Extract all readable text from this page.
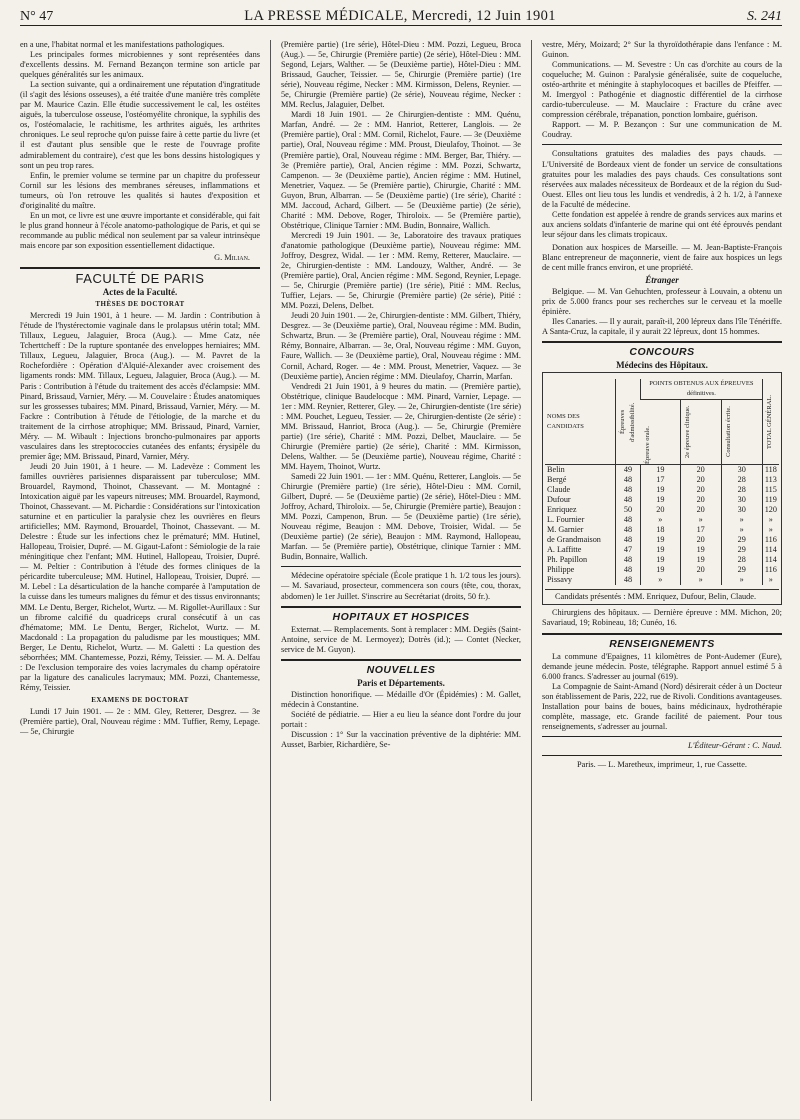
N° 47	LA PRESSE MÉDICALE, Mercredi, 12 Juin 1901	S. 241

en a une, l'habitat normal et les manifestations pathologiques.

Les principales formes microbiennes y sont représentées dans d'excellents dessins. M. Fernand Bezançon termine son article par quelques généralités sur les animaux.

La section suivante, qui a ordinairement une réputation d'ingratitude (il s'agit des lésions osseuses), a été traitée d'une manière très complète par M. Maurice Cazin. Elle étudie successivement le cal, les ostéites aiguës, la tuberculose osseuse, l'ostéomyélite chronique, la syphilis des os, l'ostéomalacie, le rachitisme, les arthrites aiguës, les arthrites chroniques. Le seul reproche qu'on puisse faire à cette partie du livre (et il est d'autant plus sensible que le reste de l'ouvrage profite admirablement du contraire), c'est que les bons dessins histologiques y sont un peu trop rares.

Enfin, le premier volume se termine par un chapitre du professeur Cornil sur les lésions des membranes séreuses, inflammations et tumeurs, où l'on retrouve les qualités si hautes d'exposition et d'originalité du maître.

En un mot, ce livre est une œuvre importante et considérable, qui fait le plus grand honneur à l'école anatomo-pathologique de Paris, et qui se recommande au public médical non seulement par sa valeur intrinsèque mais encore par son exposition essentiellement didactique.

G. Milian.

FACULTÉ DE PARIS
Actes de la Faculté.
THÈSES DE DOCTORAT

Mercredi 19 Juin 1901, à 1 heure. — M. Jardin : Contribution à l'étude de l'hystérectomie vaginale dans le prolapsus utérin total; MM. Tillaux, Legueu, Jalaguier, Broca (Aug.). — Mme Catz, née Tcherttcheff : De la rupture spontanée des enveloppes herniaires; MM. Tillaux, Legueu, Jalaguier, Broca (Aug.). — M. Pavret de la Rochefordière : Opération d'Alquié-Alexander avec croisement des ligaments ronds: MM. Tillaux, Legueu, Jalaguier, Broca (Aug.). — M. Paris : Contribution à l'étude du traitement des accès d'éclampsie: MM. Pinard, Brissaud, Varnier, Méry. — M. Couvelaire : Études anatomiques sur les grossesses tubaires; MM. Pinard, Brissaud, Varnier, Méry. — M. Fackre : Contribution à l'étude de l'étiologie, de la marche et du traitement de la cirrhose atrophique; MM. Brissaud, Pinard, Varnier, Méry. — M. Wibault : Injections broncho-pulmonaires par apports vasculaires dans les streptococcies cutanées des enfants; érysipèle du premier âge; MM. Brissaud, Pinard, Varnier, Méry.

Jeudi 20 Juin 1901, à 1 heure. — M. Ladevèze : Comment les familles ouvrières parisiennes disparaissent par tuberculose; MM. Brouardel, Raymond, Thoinot, Chassevant. — M. Montagné : Intoxication aiguë par les vapeurs nitreuses; MM. Brouardel, Raymond, Thoinot, Chassevant. — M. Pichardie : Considérations sur l'intoxication saturnine et en particulier la paralysie chez les ouvrières en fleurs artificielles; MM. Raymond, Brouardel, Thoinot, Chassevant. — M. Delestre : Étude sur les infections chez le prématuré; MM. Hutinel, Hallopeau, Troisier, Dupré. — M. Gigaut-Lafont : Sémiologie de la raie méningitique chez l'enfant; MM. Hutinel, Hallopeau, Troisier, Dupré. — M. Peltier : Contribution à l'étude des formes cliniques de la péricardite tuberculeuse; MM. Hutinel, Hallopeau, Troisier, Dupré. — M. Lebel : La désarticulation de la hanche comparée à l'amputation de la cuisse dans les tumeurs malignes du fémur et des tissus environnants; MM. Le Dentu, Berger, Richelot, Wurtz. — M. Rigollet-Aurillaux : Sur un fibrome calcifié du quadriceps crural consécutif à un cas d'hématome; MM. Le Dentu, Berger, Richelot, Wurtz. — M. Macdonald : La propagation du paludisme par les moustiques; MM. Berger, Le Dentu, Richelot, Wurtz. — M. Galetti : La question des séborrhées; MM. Chantemesse, Pozzi, Rémy, Teissier. — M. A. Delfau : De l'exclusion temporaire des voies lacrymales du champ opératoire par la ligature des canalicules lacrymaux; MM. Pozzi, Chantemesse, Rémy, Teissier.

EXAMENS DE DOCTORAT

Lundi 17 Juin 1901. — 2e : MM. Gley, Retterer, Desgrez. — 3e (Première partie), Oral, Nouveau régime : MM. Tuffier, Remy, Lepage. — 5e, Chirurgie

(Première partie) (1re série), Hôtel-Dieu : MM. Pozzi, Legueu, Broca (Aug.). — 5e, Chirurgie (Première partie) (2e série), Hôtel-Dieu : MM. Segond, Lejars, Walther. — 5e (Deuxième partie), Hôtel-Dieu : MM. Brissaud, Gaucher, Teissier. — 5e, Chirurgie (Première partie) (1re série), Nouveau régime, Necker : MM. Kirmisson, Delens, Reynier. — 5e, Chirurgie (Première partie) (2e série), Nouveau régime, Necker : MM. Reclus, Jalaguier, Delbet.

Mardi 18 Juin 1901. — 2e Chirurgien-dentiste : MM. Quénu, Marfan, André. — 2e : MM. Hanriot, Retterer, Langlois. — 2e (Première partie), Oral : MM. Cornil, Richelot, Faure. — 3e (Deuxième partie), Oral, Nouveau régime : MM. Proust, Dieulafoy, Thoinot. — 3e (Première partie), Oral, Nouveau régime : MM. Berger, Bar, Thiéry. — 3e (Première partie), Oral, Ancien régime : MM. Pozzi, Schwartz, Campenon. — 3e (Deuxième partie), Ancien régime : MM. Hutinel, Menetrier, Vaquez. — 5e (Première partie), Chirurgie, Charité : MM. Guyon, Brun, Albarran. — 5e (Deuxième partie) (1re série), Charité : MM. Jaccoud, Achard, Gilbert. — 5e (Deuxième partie) (2e série), Charité : MM. Debove, Roger, Thiroloix. — 5e (Première partie), Obstétrique, Clinique Tarnier : MM. Budin, Bonnaire, Wallich.

Mercredi 19 Juin 1901. — 3e, Laboratoire des travaux pratiques d'anatomie pathologique (Deuxième partie), Nouveau régime: MM. Joffroy, Desgrez, Widal. — 1er : MM. Remy, Retterer, Mauclaire. — 2e, Chirurgien-dentiste : MM. Landouzy, Walther, André. — 3e (Première partie), Oral, Ancien régime : MM. Segond, Reynier, Lepage. — 5e, Chirurgie (Première partie) (1re série), Pitié : MM. Reclus, Tuffier, Lejars. — 5e, Chirurgie (Première partie) (2e série), Pitié : MM. Pozzi, Delens, Delbet.

Jeudi 20 Juin 1901. — 2e, Chirurgien-dentiste : MM. Gilbert, Thiéry, Desgrez. — 3e (Deuxième partie), Oral, Nouveau régime : MM. Budin, Schwartz, Brun. — 3e (Première partie), Oral, Nouveau régime : MM. Rémy, Bonnaire, Albarran. — 3e, Oral, Nouveau régime : MM. Guyon, Faure, Wallich. — 3e (Deuxième partie), Oral, Nouveau régime : MM. Cornil, Achard, Roger. — 4e : MM. Proust, Menetrier, Vaquez. — 3e (Deuxième partie), Ancien régime : MM. Dieulafoy, Charrin, Marfan.

Vendredi 21 Juin 1901, à 9 heures du matin. — (Première partie), Obstétrique, clinique Baudelocque : MM. Pinard, Varnier, Lepage. — 1er : MM. Reynier, Retterer, Gley. — 2e, Chirurgien-dentiste (1re série) : MM. Pouchet, Legueu, Tessier. — 2e, Chirurgien-dentiste (2e série) : MM. Brissaud, Hanriot, Broca (Aug.). — 5e, Chirurgie (Première partie) (1re série), Charité : MM. Pozzi, Delbet, Mauclaire. — 5e Chirurgie (Première partie) (2e série), Charité : MM. Kirmisson, Delens, Walther. — 5e (Deuxième partie), Nouveau régime, Charité : MM. Hayem, Thoinot, Wurtz.

Samedi 22 Juin 1901. — 1er : MM. Quénu, Retterer, Langlois. — 5e Chirurgie (Première partie) (1re série), Hôtel-Dieu : MM. Cornil, Gilbert, Dupré. — 5e (Deuxième partie) (2e série), Hôtel-Dieu : MM. Joffroy, Achard, Thiroloix. — 5e, Chirurgie (Première partie), Beaujon : MM. Pozzi, Campenon, Brun. — 5e (Deuxième partie) (1re série), Nouveau régime, Beaujon : MM. Debove, Troisier, Widal. — 5e (Deuxième partie) (2e série), Beaujon : MM. Raymond, Hallopeau, Marfan. — 5e (Première partie), Obstétrique, clinique Tarnier : MM. Budin, Bonnaire, Wallich.

Médecine opératoire spéciale (École pratique 1 h. 1/2 tous les jours). — M. Savariaud, prosecteur, commencera son cours (tête, cou, thorax, abdomen) le 1er Juillet. S'inscrire au Secrétariat (droits, 50 fr.).

HOPITAUX ET HOSPICES

Externat. — Remplacements. Sont à remplacer : MM. Degiès (Saint-Antoine, service de M. Lermoyez); Dotrès (id.); — Contet (Necker, service de M. Guyon).

NOUVELLES
Paris et Départements.

Distinction honorifique. — Médaille d'Or (Épidémies) : M. Gallet, médecin à Constantine.

Société de pédiatrie. — Hier a eu lieu la séance dont l'ordre du jour portait :

Discussion : 1° Sur la vaccination préventive de la diphtérie: MM. Ausset, Barbier, Richardière, Se-

vestre, Méry, Moizard; 2° Sur la thyroïdothérapie dans l'enfance : M. Guinon.

Communications. — M. Sevestre : Un cas d'orchite au cours de la coqueluche; M. Guinon : Paralysie généralisée, suite de coqueluche, ostéo-arthrite et méningite à staphylocoques et bacilles de Pfeiffer. — M. Imergyol : Pathogénie et diagnostic différentiel de la cirrhose cardio-tuberculeuse. — M. Mauclaire : Fracture du crâne avec compression cérébrale, trépanation, ponction lombaire, guérison.

Rapport. — M. P. Bezançon : Sur une communication de M. Coudray.

Consultations gratuites des maladies des pays chauds. — L'Université de Bordeaux vient de fonder un service de consultations gratuites pour les maladies des pays chauds. Ces consultations sont réservées aux malades nécessiteux de Bordeaux et de la région du Sud-Ouest. Elles ont lieu tous les lundis et vendredis, à 2 h. 1/2, à l'annexe de la Faculté de médecine.

Cette fondation est appelée à rendre de grands services aux marins et aux anciens soldats d'infanterie de marine qui ont été éprouvés pendant leur séjour dans les climats tropicaux.

Donation aux hospices de Marseille. — M. Jean-Baptiste-François Blanc entrepreneur de maçonnerie, vient de faire aux hospices un legs de cent mille francs environ, et une propriété.

Étranger

Belgique. — M. Van Gehuchten, professeur à Louvain, a obtenu un prix de 5.000 francs pour ses recherches sur le cerveau et la moelle épinière.

Iles Canaries. — Il y aurait, paraît-il, 200 lépreux dans l'île Ténériffe. A Santa-Cruz, la capitale, il y aurait 22 lépreux, dont 15 hommes.

CONCOURS
Médecins des Hôpitaux.
NOMS DES CANDIDATS	Épreuves d'admissibilité.	POINTS OBTENUS AUX ÉPREUVES définitives.			TOTAL GÉNÉRAL.

		Épreuve orale.	2e épreuve clinique.	Consultation écrite.	

Belin	49	19	20	30	118
Bergé	48	17	20	28	113
Claude	48	19	20	28	115
Dufour	48	19	20	30	119
Enriquez	50	20	20	30	120
L. Fournier	48	»	»	»	»
M. Garnier	48	18	17	»	»
de Grandmaison	48	19	20	29	116
A. Laffitte	47	19	19	29	114
Ph. Papillon	48	19	19	28	114
Philippe	48	19	20	29	116
Pissavy	48	»	»	»	»

Candidats présentés : MM. Enriquez, Dufour, Belin, Claude.

Chirurgiens des hôpitaux. — Dernière épreuve : MM. Michon, 20; Savariaud, 19; Robineau, 18; Cunéo, 16.

RENSEIGNEMENTS

La commune d'Epaignes, 11 kilomètres de Pont-Audemer (Eure), demande jeune médecin. Poste, télégraphe. Rapport annuel estimé 5 à 6.000 francs. S'adresser au journal (619).

La Compagnie de Saint-Amand (Nord) désirerait céder à un Docteur son établissement de Paris, 222, rue de Rivoli. Conditions avantageuses. Installation pour bains de boues, bains médicinaux, hydrothérapie complète, massage, etc. Grande facilité de paiement. Pour tous renseignements, s'adresser au journal.

L'Éditeur-Gérant : C. Naud.

Paris. — L. Maretheux, imprimeur, 1, rue Cassette.
